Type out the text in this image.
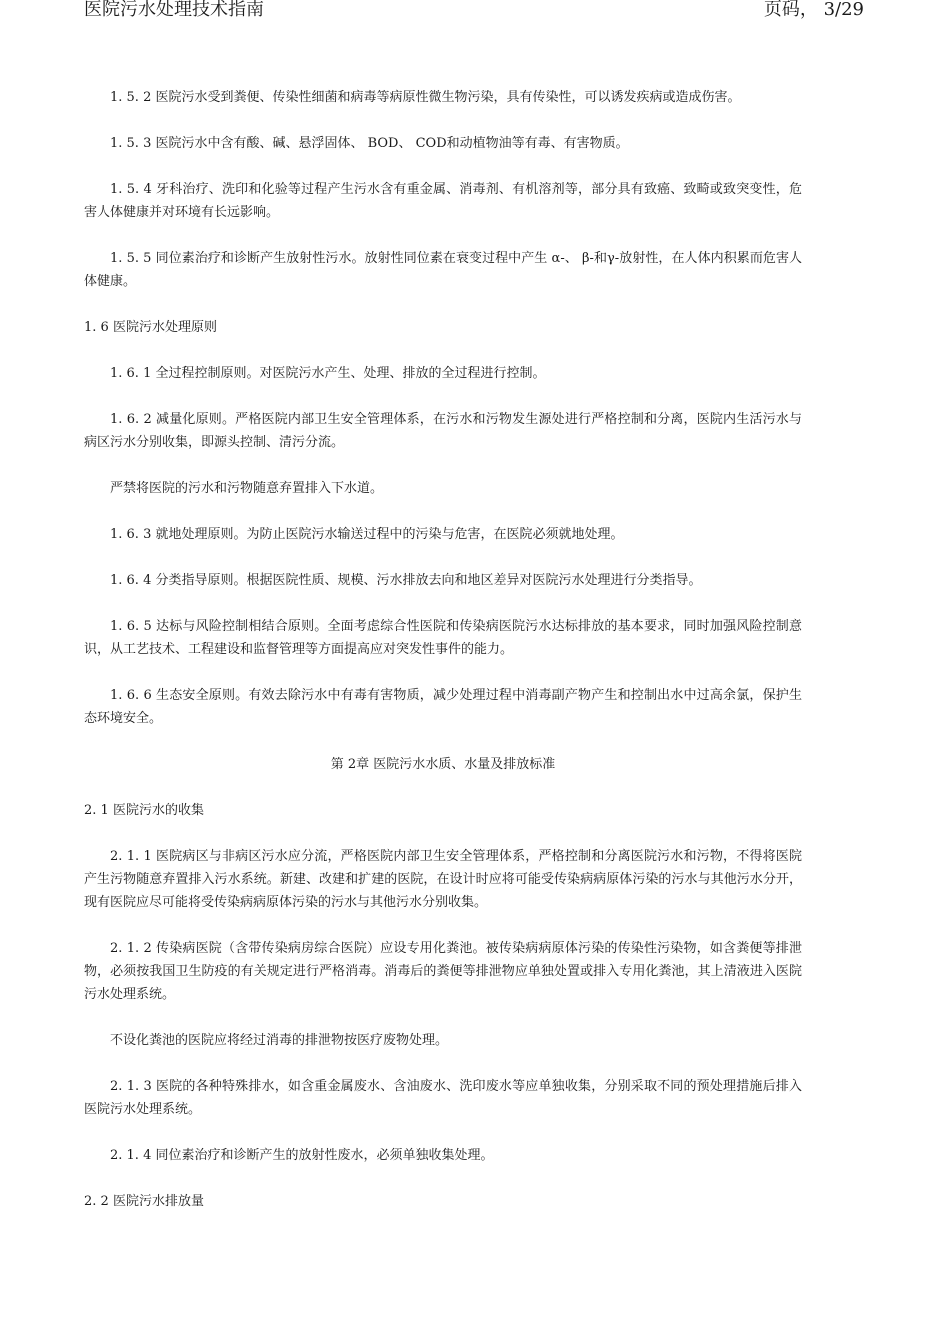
医院污水处理技术指南	页码， 3/29

1. 5. 2 医院污水受到粪便、传染性细菌和病毒等病原性微生物污染，具有传染性，可以诱发疾病或造成伤害。

1. 5. 3 医院污水中含有酸、碱、悬浮固体、 BOD、 COD和动植物油等有毒、有害物质。

1. 5. 4 牙科治疗、洗印和化验等过程产生污水含有重金属、消毒剂、有机溶剂等，部分具有致癌、致畸或致突变性，危害人体健康并对环境有长远影响。

1. 5. 5 同位素治疗和诊断产生放射性污水。放射性同位素在衰变过程中产生 α-、 β-和γ-放射性，在人体内积累而危害人体健康。

1. 6 医院污水处理原则

1. 6. 1 全过程控制原则。对医院污水产生、处理、排放的全过程进行控制。

1. 6. 2 减量化原则。严格医院内部卫生安全管理体系，在污水和污物发生源处进行严格控制和分离，医院内生活污水与病区污水分别收集，即源头控制、清污分流。

严禁将医院的污水和污物随意弃置排入下水道。

1. 6. 3 就地处理原则。为防止医院污水输送过程中的污染与危害，在医院必须就地处理。

1. 6. 4 分类指导原则。根据医院性质、规模、污水排放去向和地区差异对医院污水处理进行分类指导。

1. 6. 5 达标与风险控制相结合原则。全面考虑综合性医院和传染病医院污水达标排放的基本要求，同时加强风险控制意识，从工艺技术、工程建设和监督管理等方面提高应对突发性事件的能力。

1. 6. 6 生态安全原则。有效去除污水中有毒有害物质，减少处理过程中消毒副产物产生和控制出水中过高余氯，保护生态环境安全。

第 2章 医院污水水质、水量及排放标准

2. 1 医院污水的收集

2. 1. 1 医院病区与非病区污水应分流，严格医院内部卫生安全管理体系，严格控制和分离医院污水和污物，不得将医院产生污物随意弃置排入污水系统。新建、改建和扩建的医院，在设计时应将可能受传染病病原体污染的污水与其他污水分开，现有医院应尽可能将受传染病病原体污染的污水与其他污水分别收集。

2. 1. 2 传染病医院（含带传染病房综合医院）应设专用化粪池。被传染病病原体污染的传染性污染物，如含粪便等排泄物，必须按我国卫生防疫的有关规定进行严格消毒。消毒后的粪便等排泄物应单独处置或排入专用化粪池，其上清液进入医院污水处理系统。

不设化粪池的医院应将经过消毒的排泄物按医疗废物处理。

2. 1. 3 医院的各种特殊排水，如含重金属废水、含油废水、洗印废水等应单独收集，分别采取不同的预处理措施后排入医院污水处理系统。

2. 1. 4 同位素治疗和诊断产生的放射性废水，必须单独收集处理。

2. 2 医院污水排放量
